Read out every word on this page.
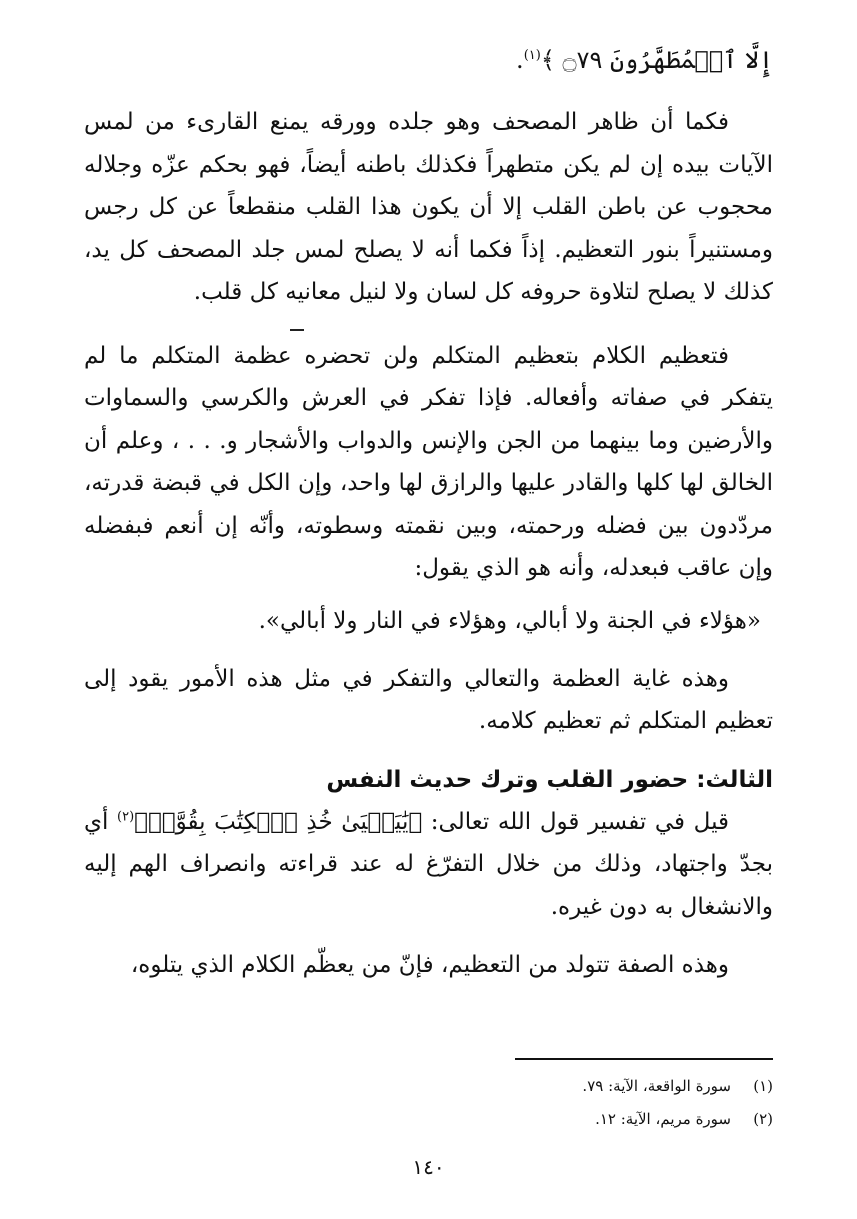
إِلَّا ٱلۡمُطَهَّرُونَ ۝٧٩ ﴾$^{(١)}$.

فكما أن ظاهر المصحف وهو جلده وورقه يمنع القارىء من لمس الآيات بيده إن لم يكن متطهراً فكذلك باطنه أيضاً، فهو بحكم عزّه وجلاله محجوب عن باطن القلب إلا أن يكون هذا القلب منقطعاً عن كل رجس ومستنيراً بنور التعظيم. إذاً فكما أنه لا يصلح لمس جلد المصحف كل يد، كذلك لا يصلح لتلاوة حروفه كل لسان ولا لنيل معانيه كل قلب.

فتعظيم الكلام بتعظيم المتكلم ولن تحضره عظمة المتكلم ما لم يتفكر في صفاته وأفعاله. فإذا تفكر في العرش والكرسي والسماوات والأرضين وما بينهما من الجن والإنس والدواب والأشجار و. . . ، وعلم أن الخالق لها كلها والقادر عليها والرازق لها واحد، وإن الكل في قبضة قدرته، مردّدون بين فضله ورحمته، وبين نقمته وسطوته، وأنّه إن أنعم فبفضله وإن عاقب فبعدله، وأنه هو الذي يقول:

«هؤلاء في الجنة ولا أبالي، وهؤلاء في النار ولا أبالي».

وهذه غاية العظمة والتعالي والتفكر في مثل هذه الأمور يقود إلى تعظيم المتكلم ثم تعظيم كلامه.

الثالث: حضور القلب وترك حديث النفس

قيل في تفسير قول الله تعالى: ﴿يَٰيَحۡيَىٰ خُذِ ٱلۡكِتَٰبَ بِقُوَّةٖ﴾$^{(٢)}$ أي بجدّ واجتهاد، وذلك من خلال التفرّغ له عند قراءته وانصراف الهم إليه والانشغال به دون غيره.

وهذه الصفة تتولد من التعظيم، فإنّ من يعظّم الكلام الذي يتلوه،

(١)سورة الواقعة، الآية: ٧٩.
(٢)سورة مريم، الآية: ١٢.
١٤٠
